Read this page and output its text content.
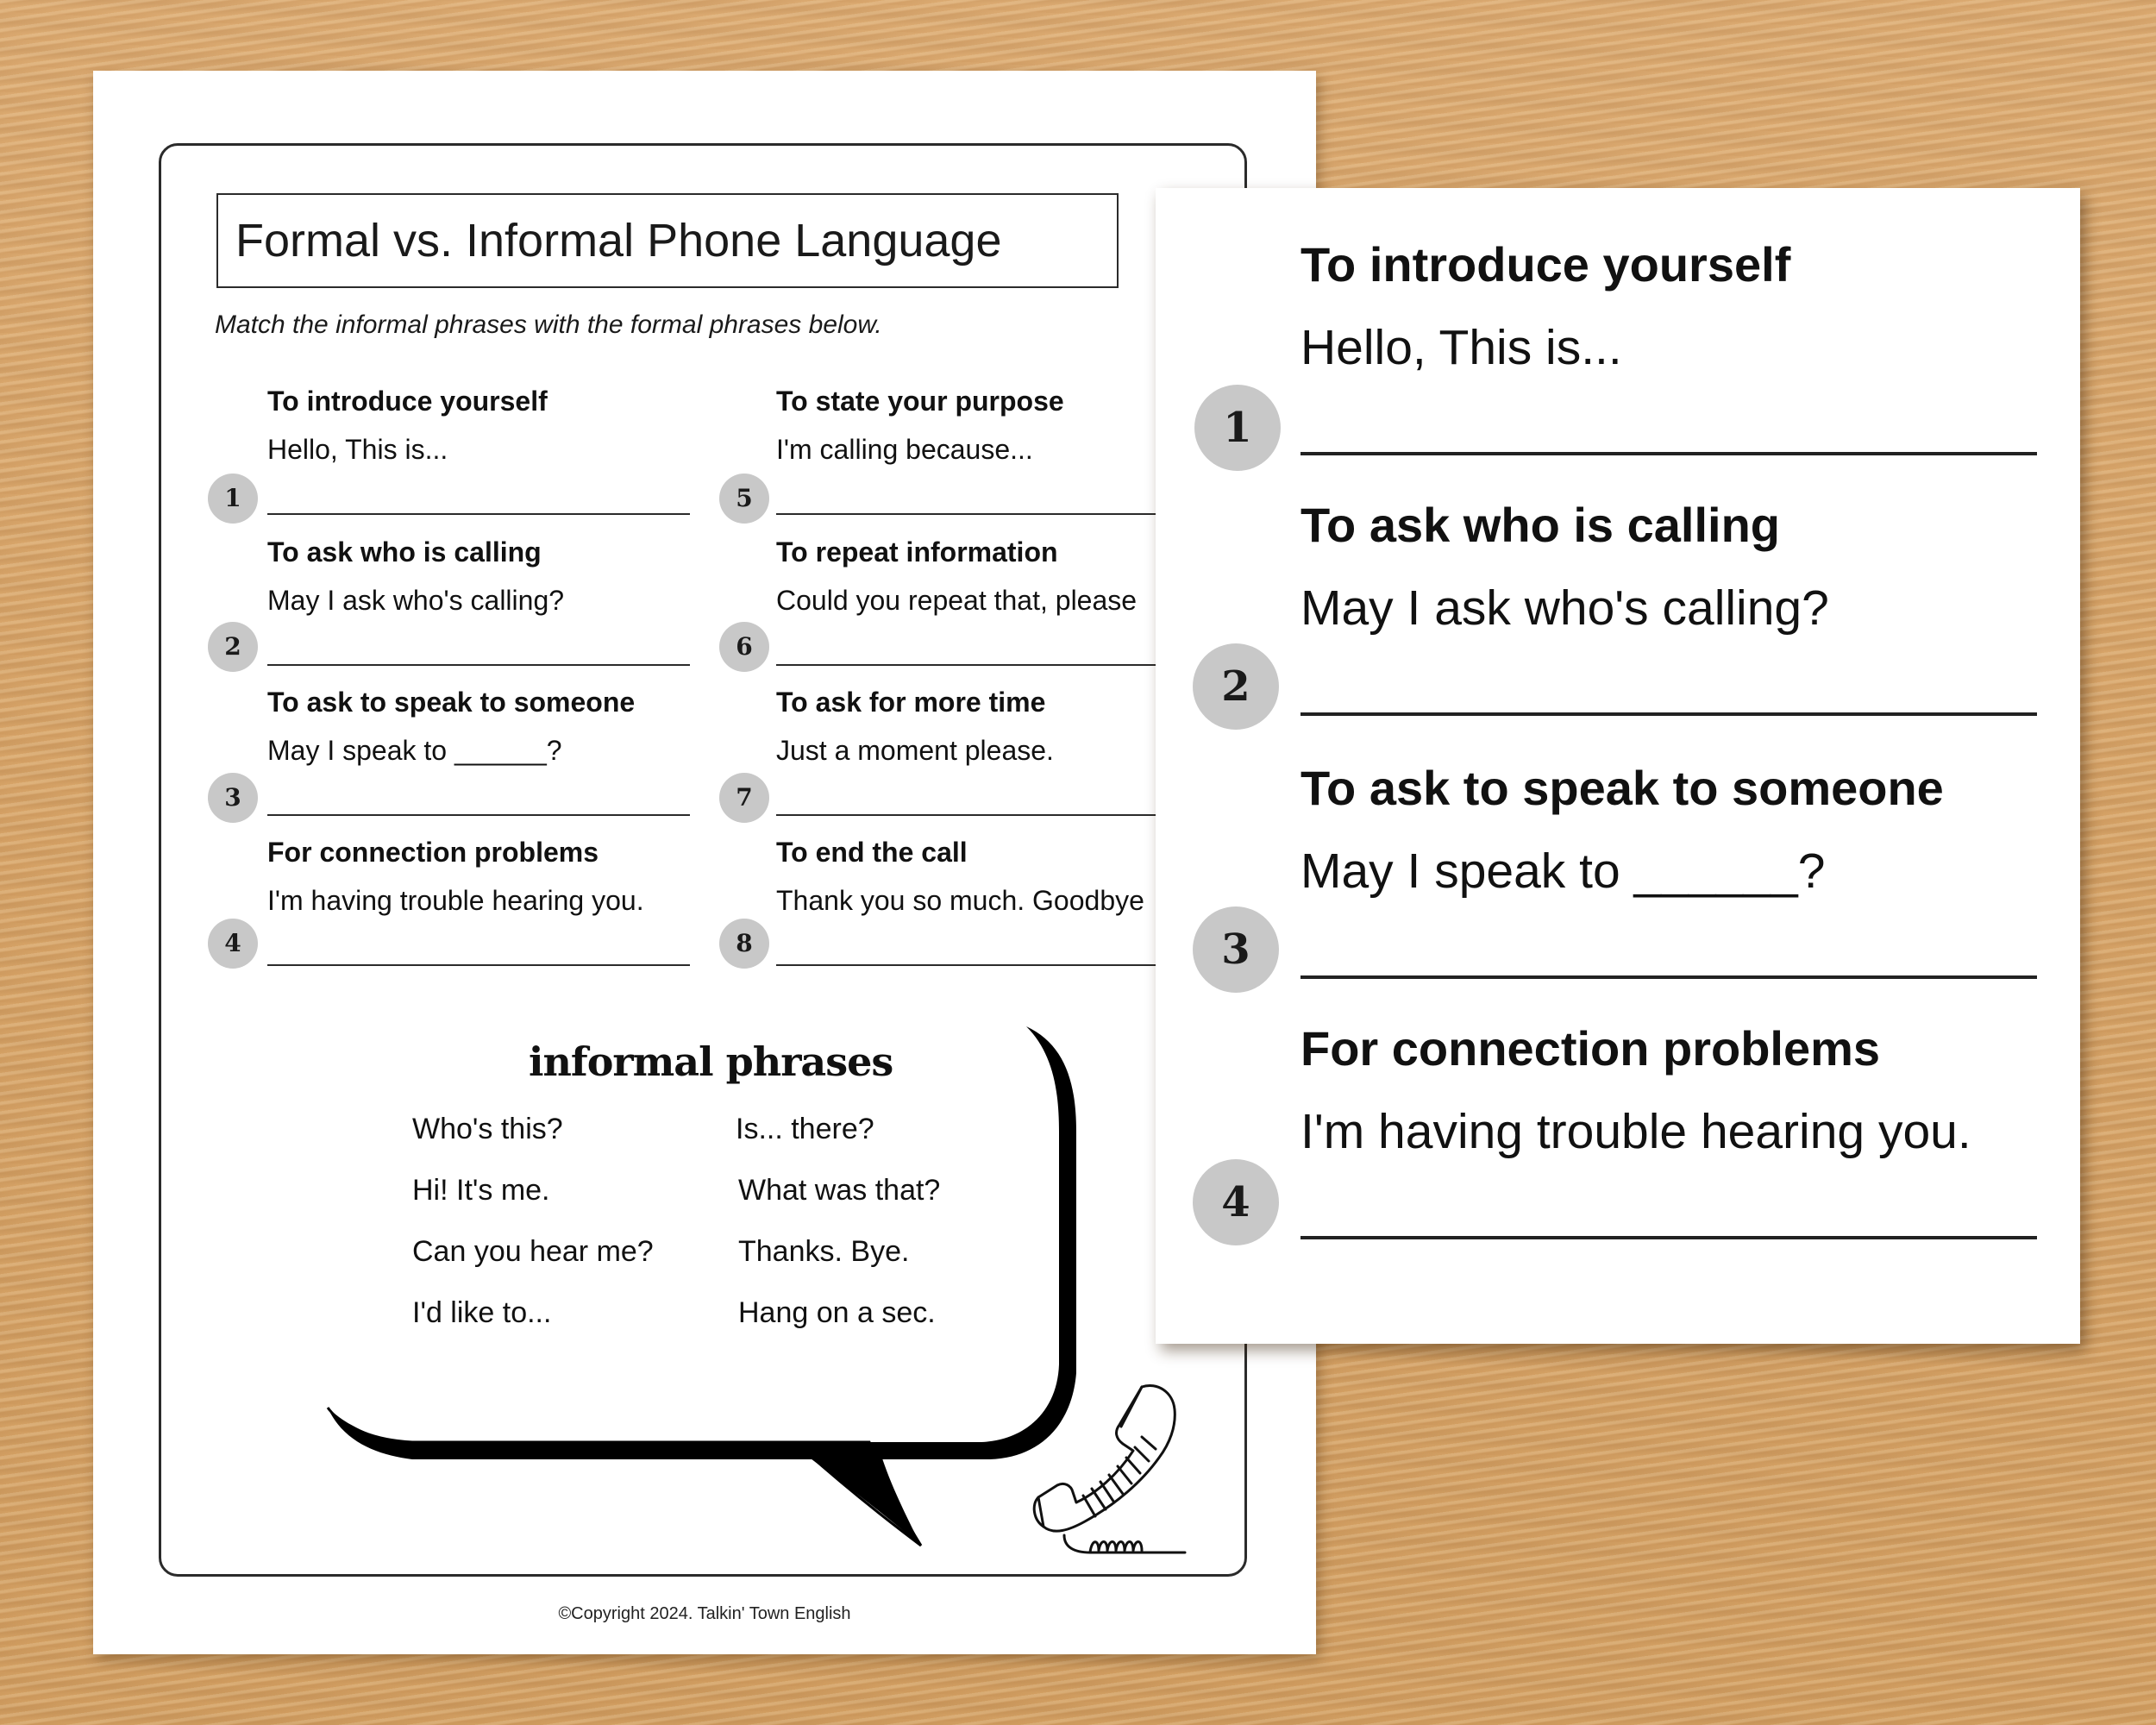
Formal vs. Informal Phone Language
Match the informal phrases with the formal phrases below.
To introduce yourself
Hello, This is...
1
To ask who is calling
May I ask who's calling?
2
To ask to speak to someone
May I speak to ______?
3
For connection problems
I'm having trouble hearing you.
4
To state your purpose
I'm calling because...
5
To repeat information
Could you repeat that, please
6
To ask for more time
Just a moment please.
7
To end the call
Thank you so much. Goodbye
8
informal phrases
Who's this?
Hi! It's me.
Can you hear me?
I'd like to...
Is... there?
What was that?
Thanks. Bye.
Hang on a sec.
©Copyright 2024. Talkin' Town English
To introduce yourself
Hello, This is...
1
To ask who is calling
May I ask who's calling?
2
To ask to speak to someone
May I speak to ______?
3
For connection problems
I'm having trouble hearing you.
4
